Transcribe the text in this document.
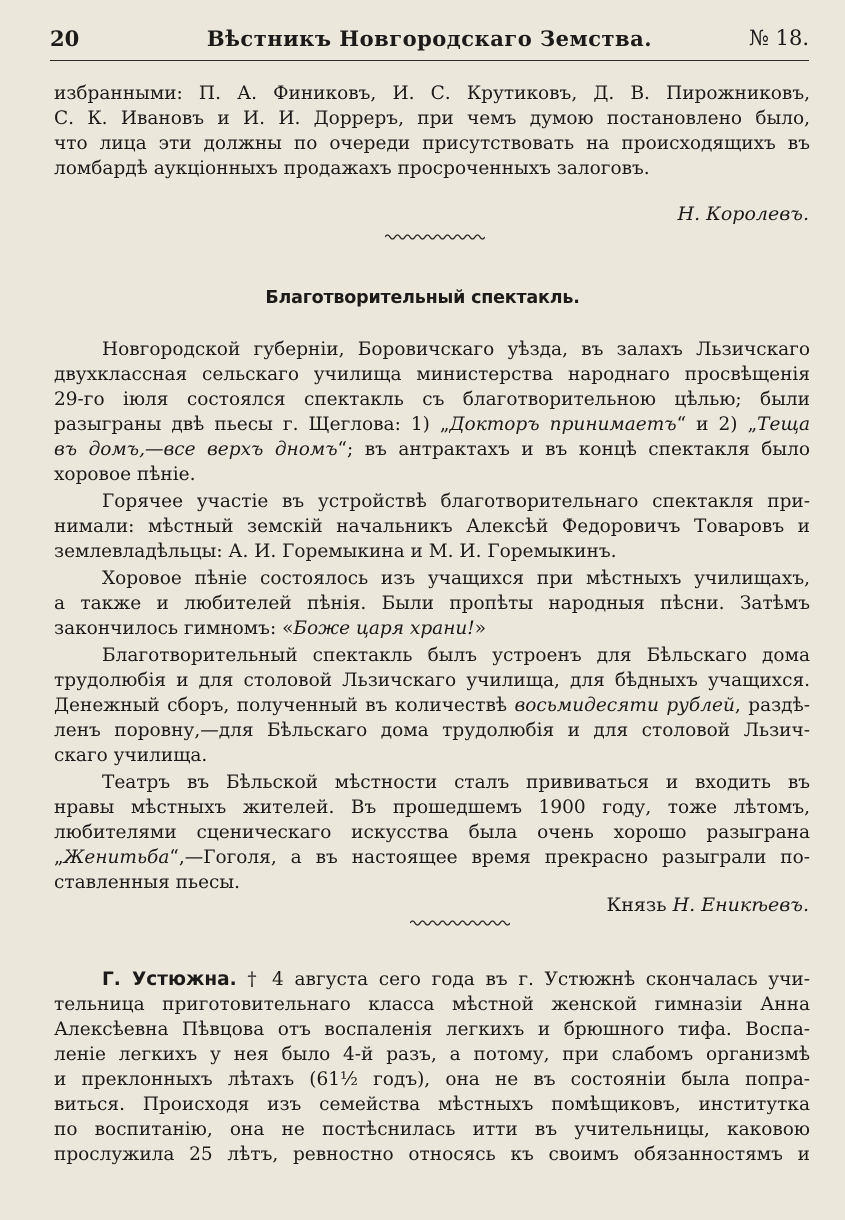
20	Вѣстникъ Новгородскаго Земства.	№ 18.
избранными: П. А. Финиковъ, И. С. Крутиковъ, Д. В. Пирожниковъ,
С. К. Ивановъ и И. И. Доррeръ, при чемъ думою постановлено было,
что лица эти должны по очереди присутствовать на происходящихъ въ
ломбардѣ аукціонныхъ продажахъ просроченныхъ залоговъ.
Н. Королевъ.
Благотворительный спектакль.
Новгородской губерніи, Боровичскаго уѣзда, въ залахъ Льзичскаго
двухклассная сельскаго училища министерства народнаго просвѣщенія
29-го іюля состоялся спектакль съ благотворительною цѣлью; были
разыграны двѣ пьесы г. Щеглова: 1) „Докторъ принимаетъ“ и 2) „Теща
въ домъ,—все верхъ дномъ“; въ антрактахъ и въ концѣ спектакля было
хоровое пѣніе.
Горячее участіе въ устройствѣ благотворительнаго спектакля при-
нимали: мѣстный земскій начальникъ Алексѣй Федоровичъ Товаровъ и
землевладѣльцы: А. И. Горемыкина и М. И. Горемыкинъ.
Хоровое пѣніе состоялось изъ учащихся при мѣстныхъ училищахъ,
а также и любителей пѣнія. Были пропѣты народныя пѣсни. Затѣмъ
закончилось гимномъ: «Боже царя храни!»
Благотворительный спектакль былъ устроенъ для Бѣльскаго дома
трудолюбія и для столовой Льзичскаго училища, для бѣдныхъ учащихся.
Денежный сборъ, полученный въ количествѣ восьмидесяти рублей, раздѣ-
ленъ поровну,—для Бѣльскаго дома трудолюбія и для столовой Льзич-
скаго училища.
Театръ въ Бѣльской мѣстности сталъ прививаться и входить въ
нравы мѣстныхъ жителей. Въ прошедшемъ 1900 году, тоже лѣтомъ,
любителями сценическаго искусства была очень хорошо разыграна
„Женитьба“,—Гоголя, а въ настоящее время прекрасно разыграли по-
ставленныя пьесы.
Князь Н. Еникѣевъ.
Г. Устюжна. † 4 августа сего года въ г. Устюжнѣ скончалась учи-
тельница приготовительнаго класса мѣстной женской гимназіи Анна
Алексѣевна Пѣвцова отъ воспаленія легкихъ и брюшного тифа. Воспа-
леніе легкихъ у нея было 4-й разъ, а потому, при слабомъ организмѣ
и преклонныхъ лѣтахъ (61½ годъ), она не въ состояніи была попра-
виться. Происходя изъ семейства мѣстныхъ помѣщиковъ, институтка
по воспитанію, она не постѣснилась итти въ учительницы, каковою
прослужила 25 лѣтъ, ревностно относясь къ своимъ обязанностямъ и
